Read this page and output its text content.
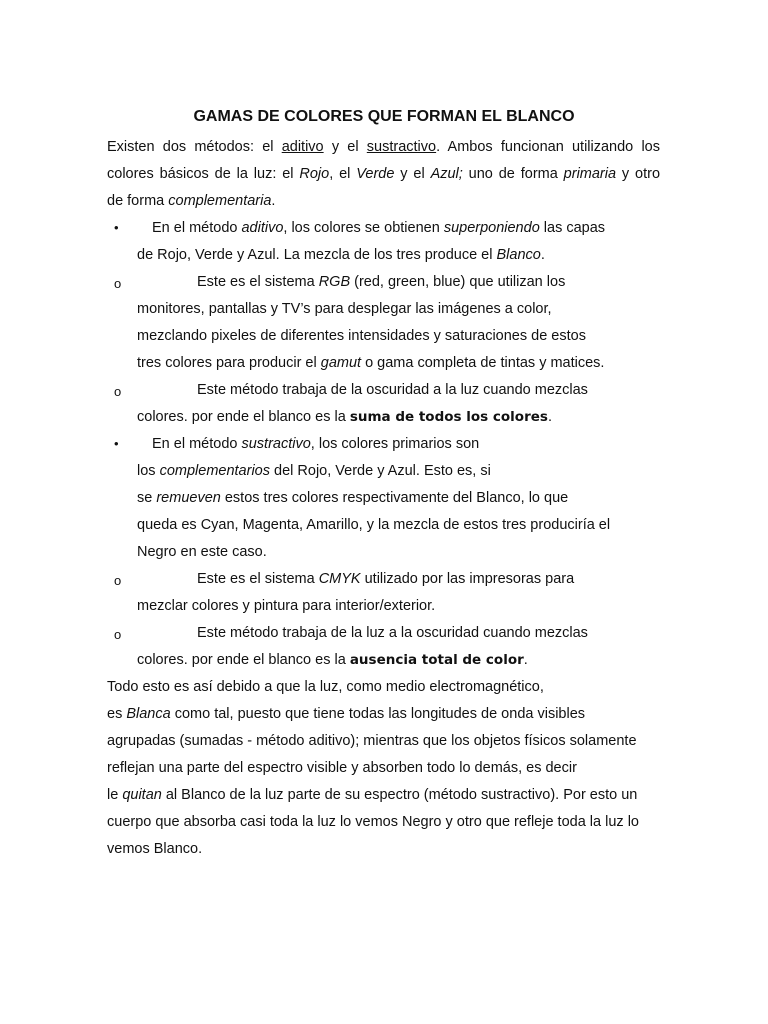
GAMAS DE COLORES QUE FORMAN EL BLANCO
Existen dos métodos: el aditivo y el sustractivo. Ambos funcionan utilizando los
colores básicos de la luz: el Rojo, el Verde y el Azul; uno de forma primaria y otro
de forma complementaria.
• En el método aditivo, los colores se obtienen superponiendo las capas
de Rojo, Verde y Azul. La mezcla de los tres produce el Blanco.
o	Este es el sistema RGB (red, green, blue) que utilizan los
monitores, pantallas y TV’s para desplegar las imágenes a color,
mezclando pixeles de diferentes intensidades y saturaciones de estos
tres colores para producir el gamut o gama completa de tintas y matices.
o	Este método trabaja de la oscuridad a la luz cuando mezclas
colores. por ende el blanco es la suma de todos los colores.
• En el método sustractivo, los colores primarios son
los complementarios del Rojo, Verde y Azul. Esto es, si
se remueven estos tres colores respectivamente del Blanco, lo que
queda es Cyan, Magenta, Amarillo, y la mezcla de estos tres produciría el
Negro en este caso.
o	Este es el sistema CMYK utilizado por las impresoras para
mezclar colores y pintura para interior/exterior.
o	Este método trabaja de la luz a la oscuridad cuando mezclas
colores. por ende el blanco es la ausencia total de color.
Todo esto es así debido a que la luz, como medio electromagnético,
es Blanca como tal, puesto que tiene todas las longitudes de onda visibles
agrupadas (sumadas - método aditivo); mientras que los objetos físicos solamente
reflejan una parte del espectro visible y absorben todo lo demás, es decir
le quitan al Blanco de la luz parte de su espectro (método sustractivo). Por esto un
cuerpo que absorba casi toda la luz lo vemos Negro y otro que refleje toda la luz lo
vemos Blanco.
